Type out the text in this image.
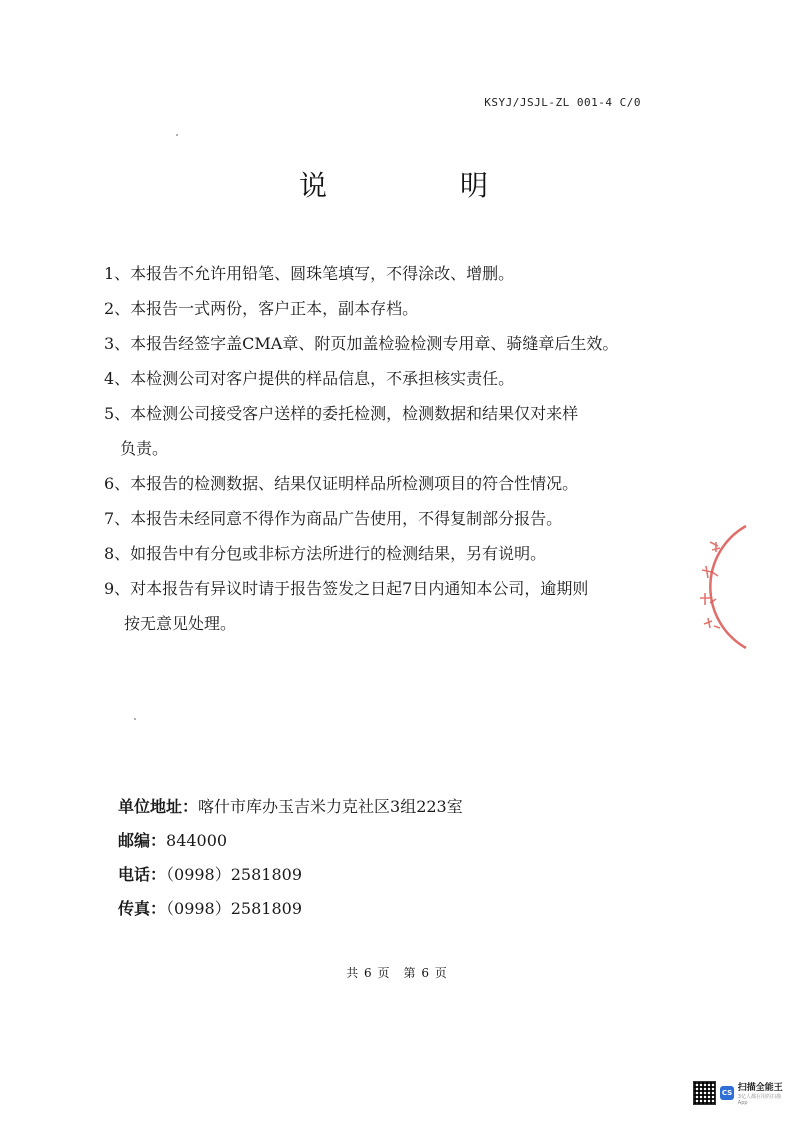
KSYJ/JSJL-ZL 001-4 C/0
说 明
1、本报告不允许用铅笔、圆珠笔填写，不得涂改、增删。
2、本报告一式两份，客户正本，副本存档。
3、本报告经签字盖CMA章、附页加盖检验检测专用章、骑缝章后生效。
4、本检测公司对客户提供的样品信息，不承担核实责任。
5、本检测公司接受客户送样的委托检测，检测数据和结果仅对来样
负责。
6、本报告的检测数据、结果仅证明样品所检测项目的符合性情况。
7、本报告未经同意不得作为商品广告使用，不得复制部分报告。
8、如报告中有分包或非标方法所进行的检测结果，另有说明。
9、对本报告有异议时请于报告签发之日起7日内通知本公司，逾期则
按无意见处理。
单位地址：喀什市库办玉吉米力克社区3组223室
邮编：844000
电话：（0998）2581809
传真：（0998）2581809
共 6 页 第 6 页
CS 扫描全能王
3亿人都在用的扫描App
